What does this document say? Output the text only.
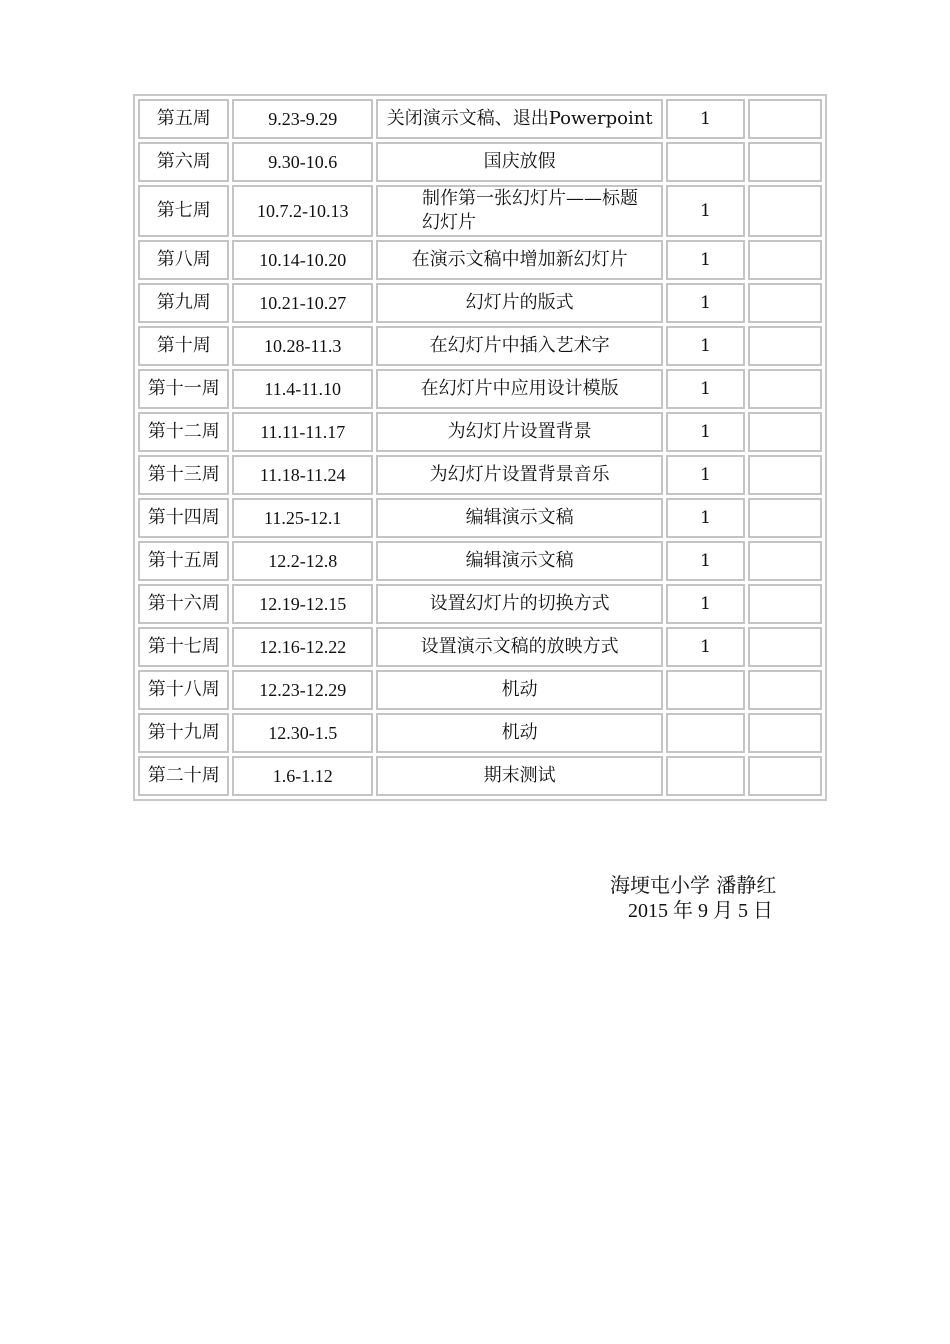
第五周	9.23-9.29	关闭演示文稿、退出Powerpoint	1	
第六周	9.30-10.6	国庆放假		
第七周	10.7.2-10.13	制作第一张幻灯片——标题幻灯片	1	
第八周	10.14-10.20	在演示文稿中增加新幻灯片	1	
第九周	10.21-10.27	幻灯片的版式	1	
第十周	10.28-11.3	在幻灯片中插入艺术字	1	
第十一周	11.4-11.10	在幻灯片中应用设计模版	1	
第十二周	11.11-11.17	为幻灯片设置背景	1	
第十三周	11.18-11.24	为幻灯片设置背景音乐	1	
第十四周	11.25-12.1	编辑演示文稿	1	
第十五周	12.2-12.8	编辑演示文稿	1	
第十六周	12.19-12.15	设置幻灯片的切换方式	1	
第十七周	12.16-12.22	设置演示文稿的放映方式	1	
第十八周	12.23-12.29	机动		
第十九周	12.30-1.5	机动		
第二十周	1.6-1.12	期末测试		
海埂屯小学 潘静红
2015 年 9 月 5 日
